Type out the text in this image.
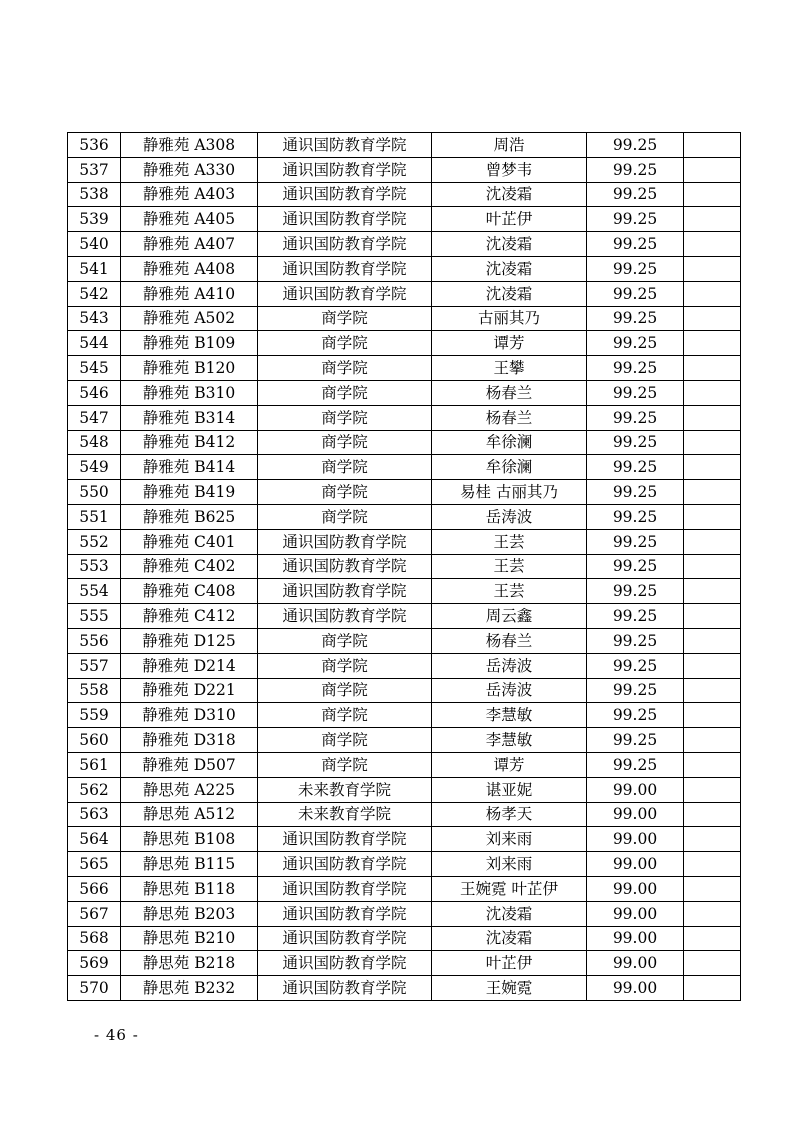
536	静雅苑 A308	通识国防教育学院	周浩	99.25	
537	静雅苑 A330	通识国防教育学院	曾梦韦	99.25	
538	静雅苑 A403	通识国防教育学院	沈凌霜	99.25	
539	静雅苑 A405	通识国防教育学院	叶芷伊	99.25	
540	静雅苑 A407	通识国防教育学院	沈凌霜	99.25	
541	静雅苑 A408	通识国防教育学院	沈凌霜	99.25	
542	静雅苑 A410	通识国防教育学院	沈凌霜	99.25	
543	静雅苑 A502	商学院	古丽其乃	99.25	
544	静雅苑 B109	商学院	谭芳	99.25	
545	静雅苑 B120	商学院	王攀	99.25	
546	静雅苑 B310	商学院	杨春兰	99.25	
547	静雅苑 B314	商学院	杨春兰	99.25	
548	静雅苑 B412	商学院	牟徐澜	99.25	
549	静雅苑 B414	商学院	牟徐澜	99.25	
550	静雅苑 B419	商学院	易桂 古丽其乃	99.25	
551	静雅苑 B625	商学院	岳涛波	99.25	
552	静雅苑 C401	通识国防教育学院	王芸	99.25	
553	静雅苑 C402	通识国防教育学院	王芸	99.25	
554	静雅苑 C408	通识国防教育学院	王芸	99.25	
555	静雅苑 C412	通识国防教育学院	周云鑫	99.25	
556	静雅苑 D125	商学院	杨春兰	99.25	
557	静雅苑 D214	商学院	岳涛波	99.25	
558	静雅苑 D221	商学院	岳涛波	99.25	
559	静雅苑 D310	商学院	李慧敏	99.25	
560	静雅苑 D318	商学院	李慧敏	99.25	
561	静雅苑 D507	商学院	谭芳	99.25	
562	静思苑 A225	未来教育学院	谌亚妮	99.00	
563	静思苑 A512	未来教育学院	杨孝天	99.00	
564	静思苑 B108	通识国防教育学院	刘来雨	99.00	
565	静思苑 B115	通识国防教育学院	刘来雨	99.00	
566	静思苑 B118	通识国防教育学院	王婉霓 叶芷伊	99.00	
567	静思苑 B203	通识国防教育学院	沈凌霜	99.00	
568	静思苑 B210	通识国防教育学院	沈凌霜	99.00	
569	静思苑 B218	通识国防教育学院	叶芷伊	99.00	
570	静思苑 B232	通识国防教育学院	王婉霓	99.00	
- 46 -
